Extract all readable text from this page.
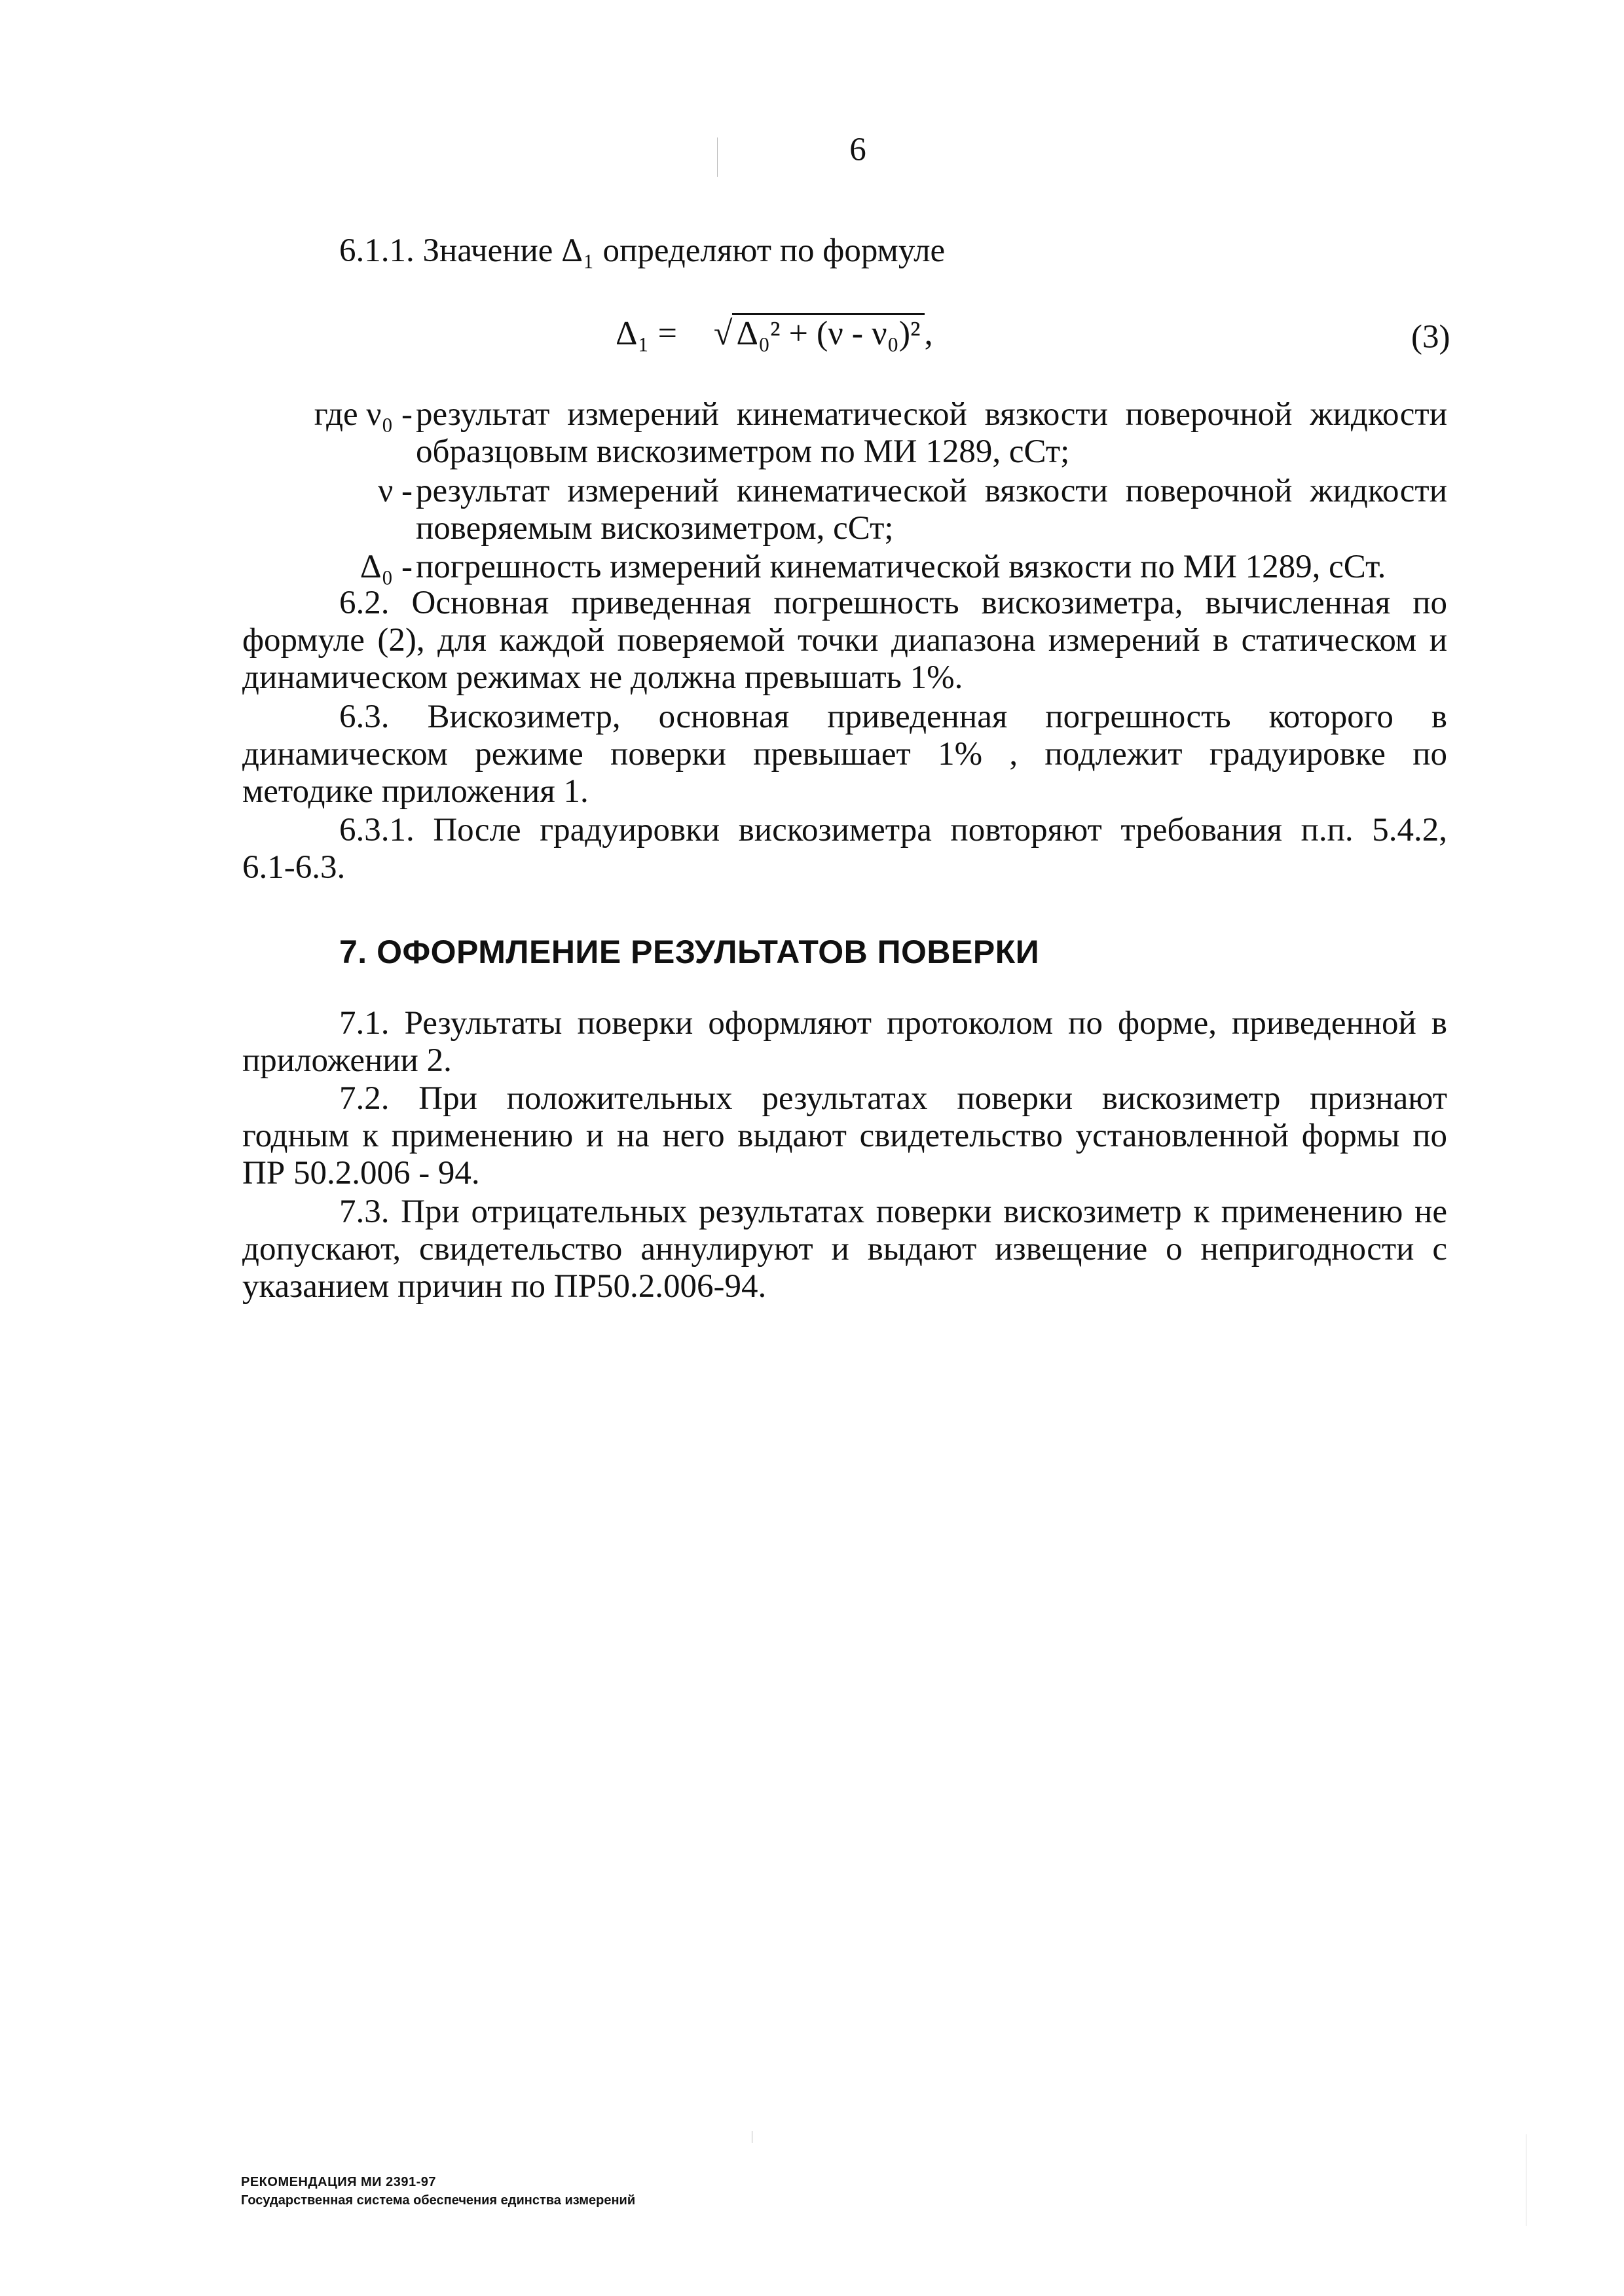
6
6.1.1. Значение Δ₁ определяют по формуле
Δ₁ = √ Δ₀² + (ν - ν₀)² ,	(3)
где ν₀ - результат измерений кинематической вязкости поверочной жидкости
образцовым вискозиметром по МИ 1289, сСт;
ν - результат измерений кинематической вязкости поверочной жидкости
поверяемым вискозиметром, сСт;
Δ₀ - погрешность измерений кинематической вязкости по МИ 1289, сСт.
6.2. Основная приведенная погрешность вискозиметра, вычисленная по
формуле (2), для каждой поверяемой точки диапазона измерений в статическом и
динамическом режимах не должна превышать 1%.
6.3. Вискозиметр, основная приведенная погрешность которого в
динамическом режиме поверки превышает 1% , подлежит градуировке по
методике приложения 1.
6.3.1. После градуировки вискозиметра повторяют требования п.п. 5.4.2,
6.1-6.3.
7. ОФОРМЛЕНИЕ РЕЗУЛЬТАТОВ ПОВЕРКИ
7.1. Результаты поверки оформляют протоколом по форме, приведенной в
приложении 2.
7.2. При положительных результатах поверки вискозиметр признают
годным к применению и на него выдают свидетельство установленной формы по
ПР 50.2.006 - 94.
7.3. При отрицательных результатах поверки вискозиметр к применению не
допускают, свидетельство аннулируют и выдают извещение о непригодности с
указанием причин по ПР50.2.006-94.
РЕКОМЕНДАЦИЯ МИ 2391-97
Государственная система обеспечения единства измерений
